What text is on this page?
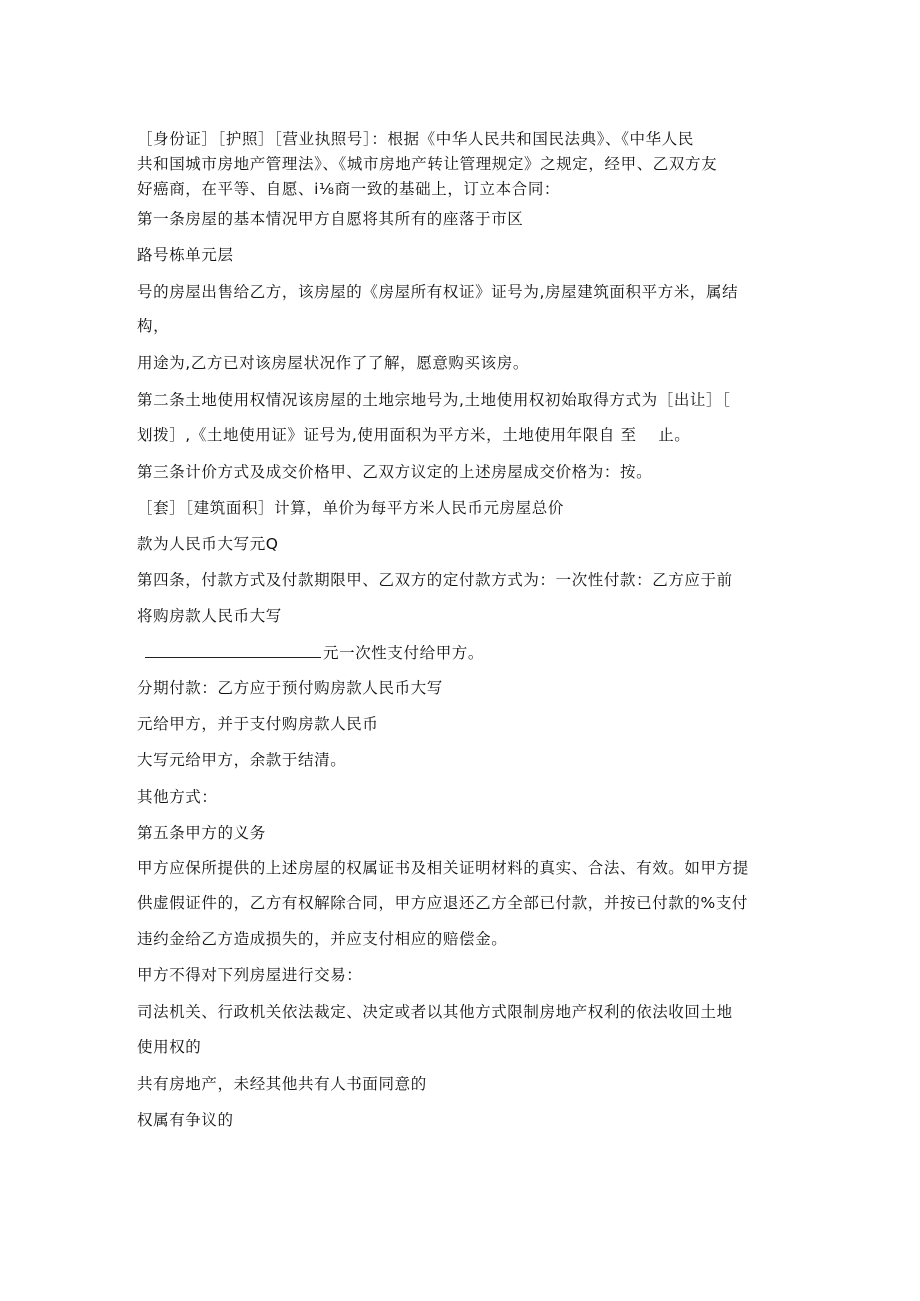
［身份证］［护照］［营业执照号］：根据《中华人民共和国民法典》、《中华人民
共和国城市房地产管理法》、《城市房地产转让管理规定》之规定，经甲、乙双方友
好癌商，在平等、自愿、i⅛商一致的基础上，订立本合同：
第一条房屋的基本情况甲方自愿将其所有的座落于市区
路号栋单元层
号的房屋出售给乙方，该房屋的《房屋所有权证》证号为,房屋建筑面积平方米，属结
构，
用途为,乙方已对该房屋状况作了了解，愿意购买该房。
第二条土地使用权情况该房屋的土地宗地号为,土地使用权初始取得方式为［出让］［
划拨］,《土地使用证》证号为,使用面积为平方米，土地使用年限自 至　 止。
第三条计价方式及成交价格甲、乙双方议定的上述房屋成交价格为：按。
［套］［建筑面积］计算，单价为每平方米人民币元房屋总价
款为人民币大写元Q
第四条，付款方式及付款期限甲、乙双方的定付款方式为：一次性付款：乙方应于前
将购房款人民币大写
元一次性支付给甲方。
分期付款：乙方应于预付购房款人民币大写
元给甲方，并于支付购房款人民币
大写元给甲方，余款于结清。
其他方式：
第五条甲方的义务
甲方应保所提供的上述房屋的权属证书及相关证明材料的真实、合法、有效。如甲方提
供虚假证件的，乙方有权解除合同，甲方应退还乙方全部已付款，并按已付款的%支付
违约金给乙方造成损失的，并应支付相应的赔偿金。
甲方不得对下列房屋进行交易：
司法机关、行政机关依法裁定、决定或者以其他方式限制房地产权利的依法收回土地
使用权的
共有房地产，未经其他共有人书面同意的
权属有争议的
